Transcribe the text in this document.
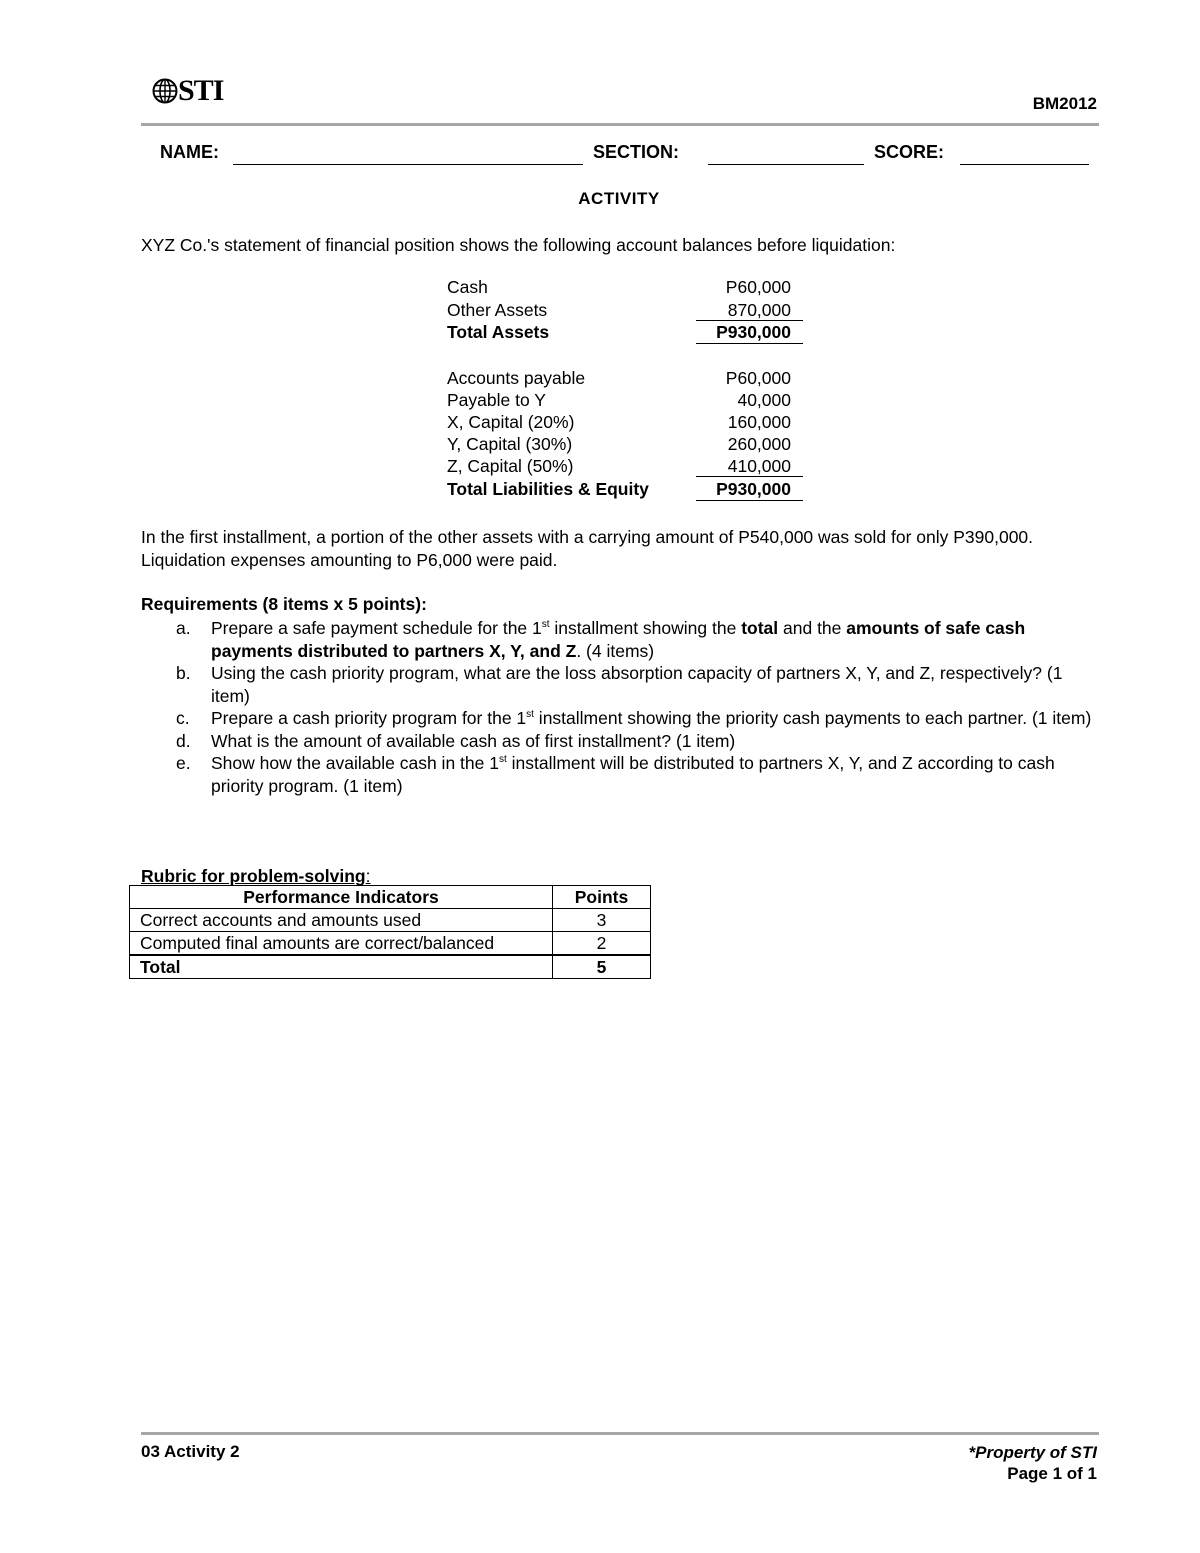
STI	BM2012
NAME:	SECTION:	SCORE:
ACTIVITY
XYZ Co.'s statement of financial position shows the following account balances before liquidation:
Cash	P60,000
Other Assets	870,000
Total Assets	P930,000
Accounts payable	P60,000
Payable to Y	40,000
X, Capital (20%)	160,000
Y, Capital (30%)	260,000
Z, Capital (50%)	410,000
Total Liabilities & Equity	P930,000
In the first installment, a portion of the other assets with a carrying amount of P540,000 was sold for only P390,000. Liquidation expenses amounting to P6,000 were paid.
Requirements (8 items x 5 points):
a. Prepare a safe payment schedule for the 1st installment showing the total and the amounts of safe cash payments distributed to partners X, Y, and Z. (4 items)
b. Using the cash priority program, what are the loss absorption capacity of partners X, Y, and Z, respectively? (1 item)
c. Prepare a cash priority program for the 1st installment showing the priority cash payments to each partner. (1 item)
d. What is the amount of available cash as of first installment? (1 item)
e. Show how the available cash in the 1st installment will be distributed to partners X, Y, and Z according to cash priority program. (1 item)
Rubric for problem-solving:
Performance Indicators	Points
Correct accounts and amounts used	3
Computed final amounts are correct/balanced	2
Total	5
03 Activity 2	*Property of STI
Page 1 of 1
